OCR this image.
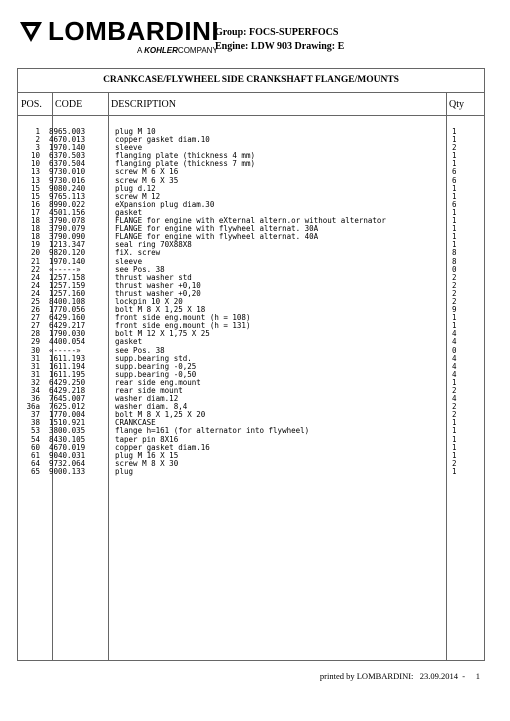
LOMBARDINI
A KOHLERCOMPANY
Group: FOCS-SUPERFOCS
Engine: LDW 903 Drawing: E
CRANKCASE/FLYWHEEL SIDE CRANKSHAFT FLANGE/MOUNTS
POS. CODE	DESCRIPTION	Qty
1 8965.003	plug M 10	1
2 4670.013	copper gasket diam.10	1
3 1970.140	sleeve	2
10 6370.503	flanging plate (thickness 4 mm)	1
10 6370.504	flanging plate (thickness 7 mm)	1
13 9730.010	screw M 6 X 16	6
13 9730.016	screw M 6 X 35	6
15 9080.240	plug d.12	1
15 9765.113	screw M 12	1
16 8990.022	eXpansion plug diam.30	6
17 4501.156	gasket	1
18 3790.078	FLANGE for engine with eXternal altern.or without alternator	1
18 3790.079	FLANGE for engine with flywheel alternat. 30A	1
18 3790.090	FLANGE for engine with flywheel alternat. 40A	1
19 1213.347	seal ring 70X88X8	1
20 9820.120	fiX. screw	8
21 1970.140	sleeve	8
22 «-----»	see Pos. 38	0
24 1257.158	thrust washer std	2
24 1257.159	thrust washer +0,10	2
24 1257.160	thrust washer +0,20	2
25 8400.108	lockpin 10 X 20	2
26 1770.056	bolt M 8 X 1,25 X 18	9
27 6429.160	front side eng.mount (h = 108)	1
27 6429.217	front side eng.mount (h = 131)	1
28 1790.030	bolt M 12 X 1,75 X 25	4
29 4400.054	gasket	4
30 «-----»	see Pos. 38	0
31 1611.193	supp.bearing std.	4
31 1611.194	supp.bearing -0,25	4
31 1611.195	supp.bearing -0,50	4
32 6429.250	rear side eng.mount	1
34 6429.218	rear side mount	2
36 7645.007	washer diam.12	4
36a 7625.012	washer diam. 8,4	2
37 1770.004	bolt M 8 X 1,25 X 20	2
38 1510.921	CRANKCASE	1
53 3800.035	flange h=161 (for alternator into flywheel)	1
54 8430.105	taper pin 8X16	1
60 4670.019	copper gasket diam.16	1
61 9040.031	plug M 16 X 15	1
64 9732.064	screw M 8 X 30	2
65 9000.133	plug	1
printed by LOMBARDINI: 23.09.2014 - 1
